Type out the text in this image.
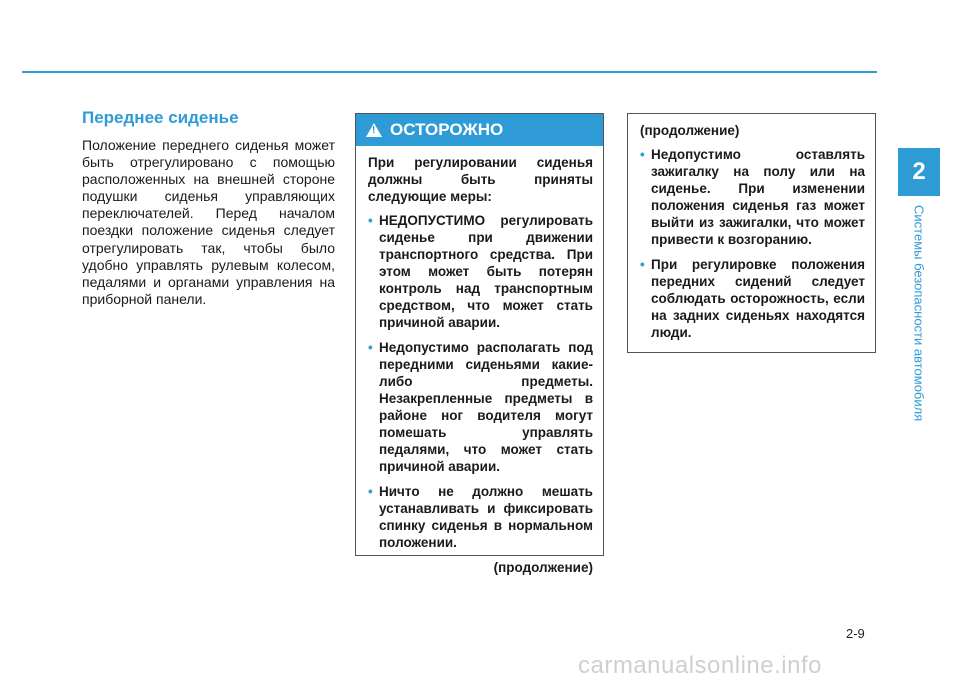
Переднее сиденье
Положение переднего сиденья может быть отрегулировано с помощью расположенных на внешней стороне подушки сиденья управляющих переключателей. Перед началом поездки положение сиденья следует отрегулировать так, чтобы было удобно управлять рулевым колесом, педалями и органами управления на приборной панели.
!
ОСТОРОЖНО
При регулировании сиденья должны быть приняты следующие меры:
• НЕДОПУСТИМО регулировать сиденье при движении транспортного средства. При этом может быть потерян контроль над транспортным средством, что может стать причиной аварии.
• Недопустимо располагать под передними сиденьями какие-либо предметы. Незакрепленные предметы в районе ног водителя могут помешать управлять педалями, что может стать причиной аварии.
• Ничто не должно мешать устанавливать и фиксировать спинку сиденья в нормальном положении.
(продолжение)
(продолжение)
• Недопустимо оставлять зажигалку на полу или на сиденье. При изменении положения сиденья газ может выйти из зажигалки, что может привести к возгоранию.
• При регулировке положения передних сидений следует соблюдать осторожность, если на задних сиденьях находятся люди.
2
Системы безопасности автомобиля
2-9
carmanualsonline.info
